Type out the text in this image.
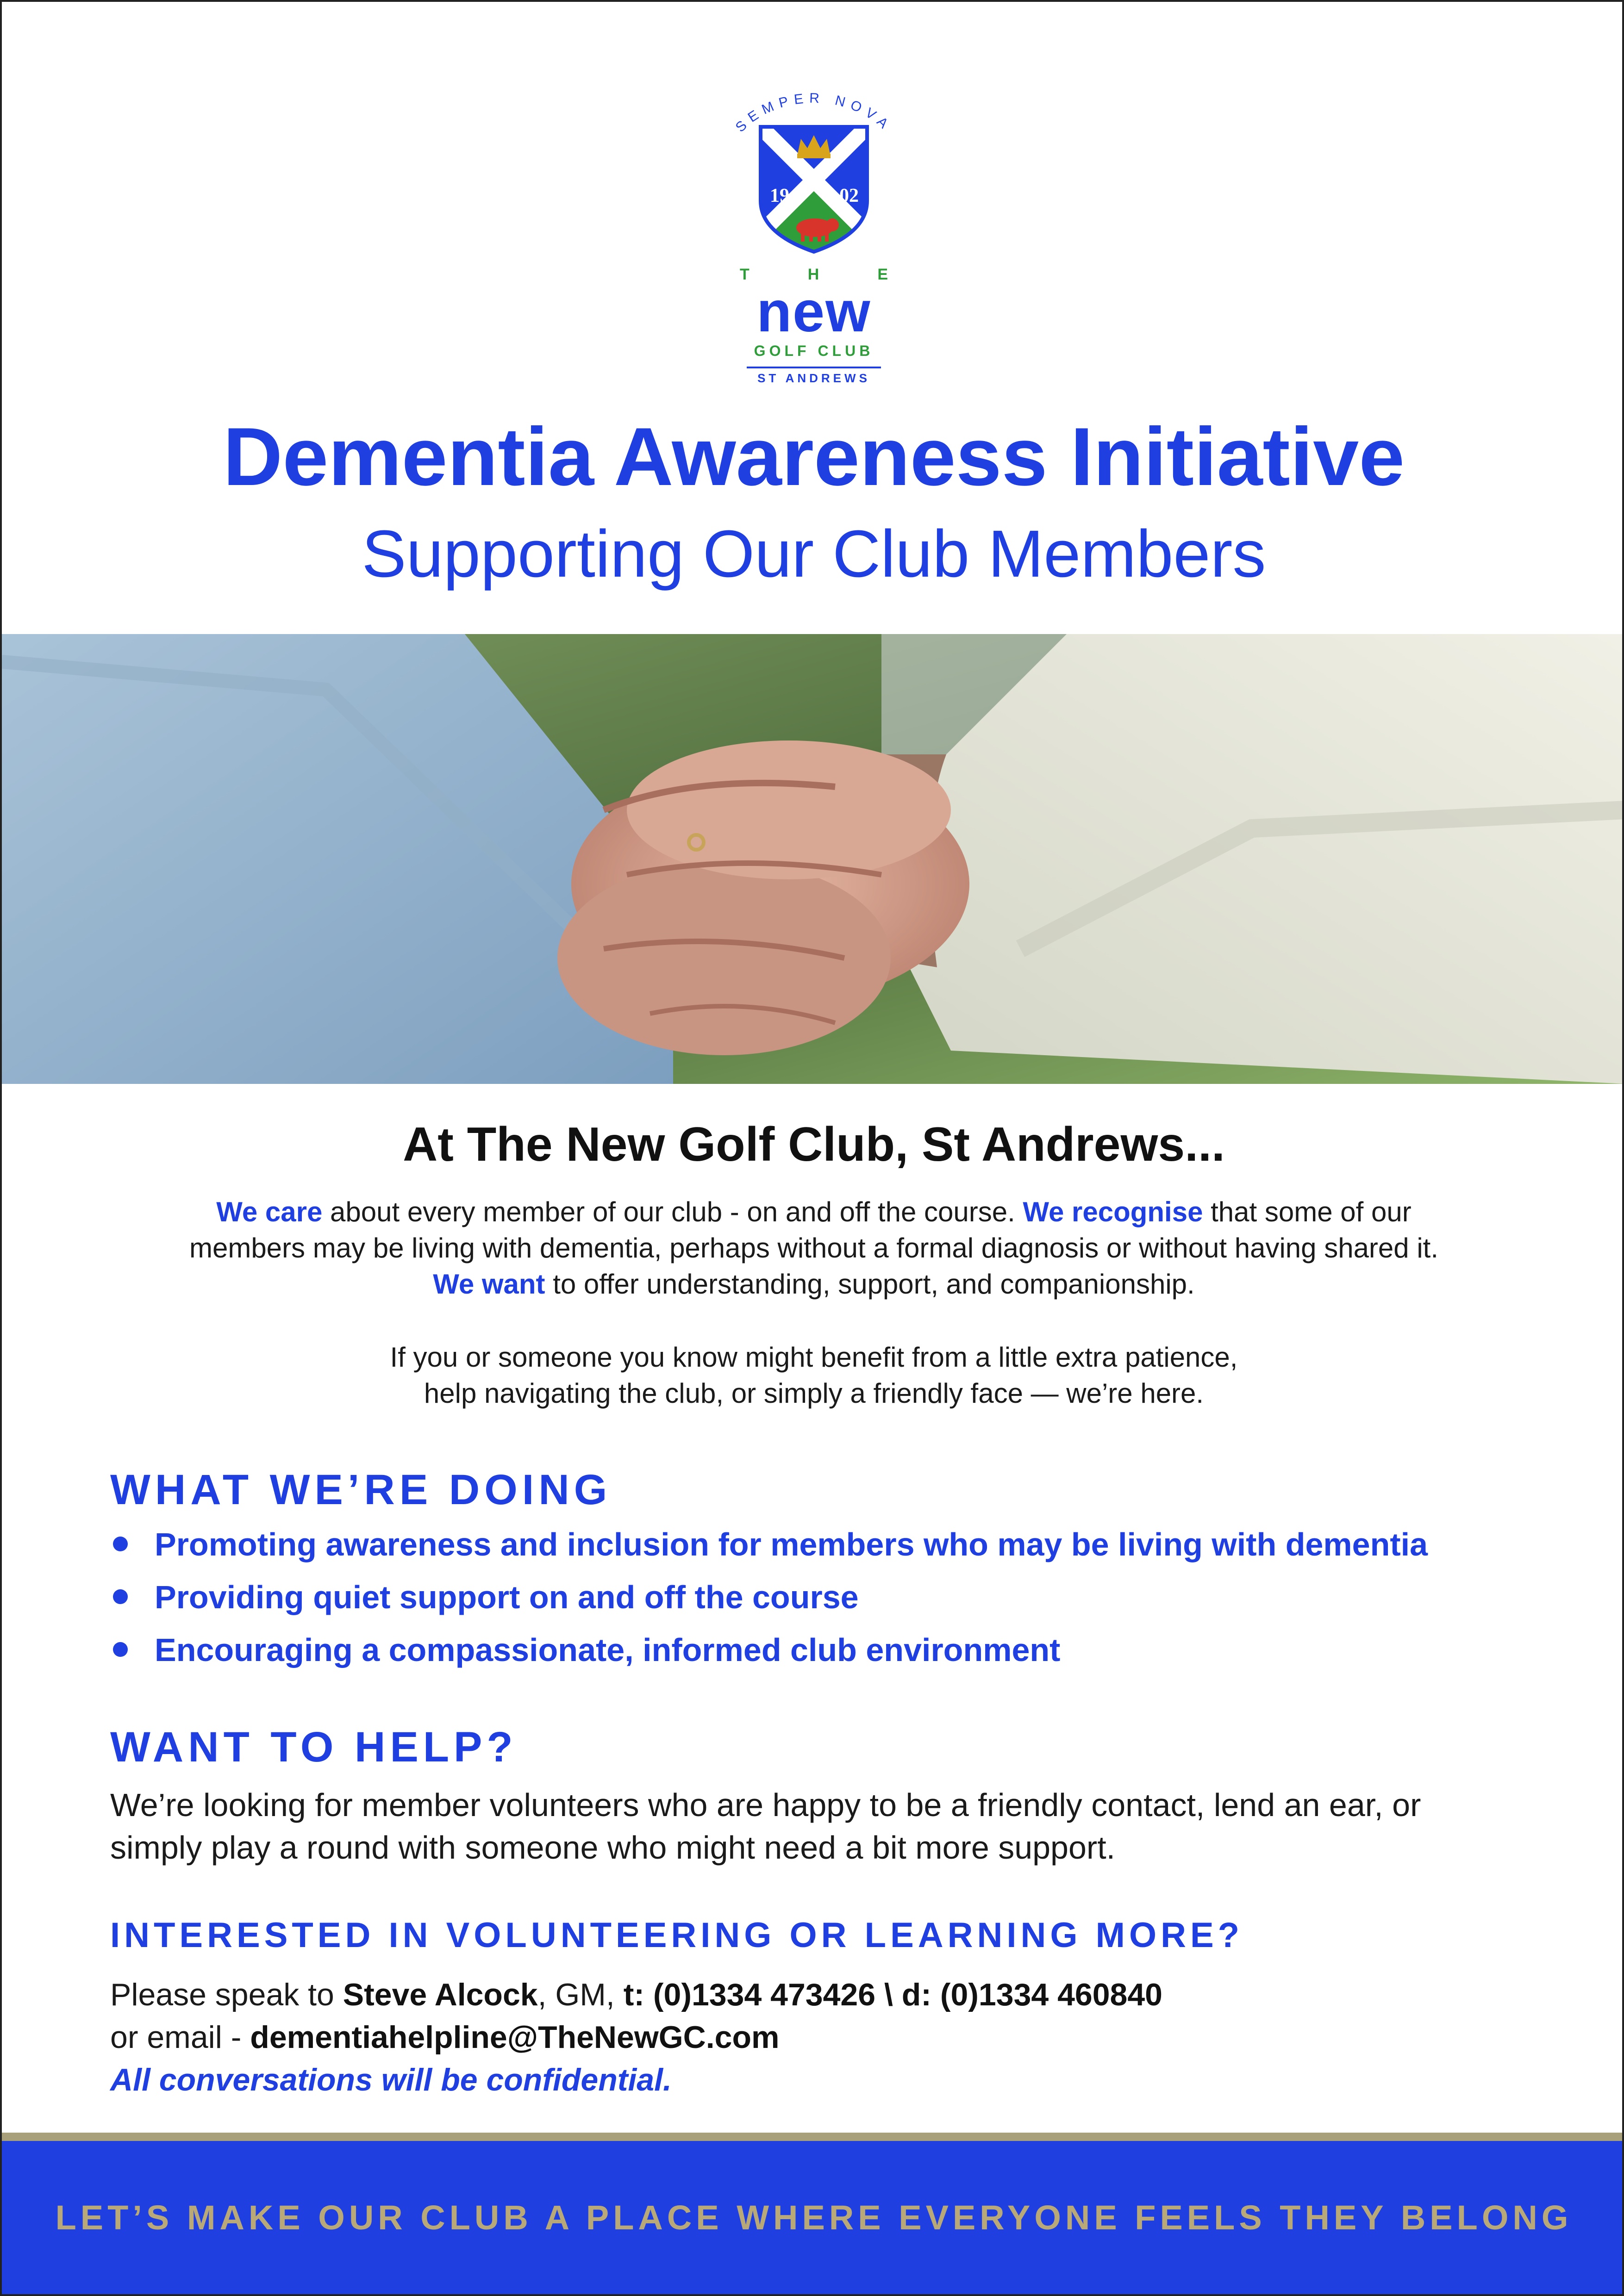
SEMPER NOVA
19	02
T	H	E
new
GOLF CLUB
ST ANDREWS
Dementia Awareness Initiative
Supporting Our Club Members
At The New Golf Club, St Andrews...
We care about every member of our club - on and off the course. We recognise that some of our members may be living with dementia, perhaps without a formal diagnosis or without having shared it. We want to offer understanding, support, and companionship.
If you or someone you know might benefit from a little extra patience,
help navigating the club, or simply a friendly face — we’re here.
WHAT WE’RE DOING
Promoting awareness and inclusion for members who may be living with dementia
Providing quiet support on and off the course
Encouraging a compassionate, informed club environment
WANT TO HELP?
We’re looking for member volunteers who are happy to be a friendly contact, lend an ear, or simply play a round with someone who might need a bit more support.
INTERESTED IN VOLUNTEERING OR LEARNING MORE?
Please speak to Steve Alcock, GM, t: (0)1334 473426 \ d: (0)1334 460840
or email - dementiahelpline@TheNewGC.com
All conversations will be confidential.
LET’S MAKE OUR CLUB A PLACE WHERE EVERYONE FEELS THEY BELONG
